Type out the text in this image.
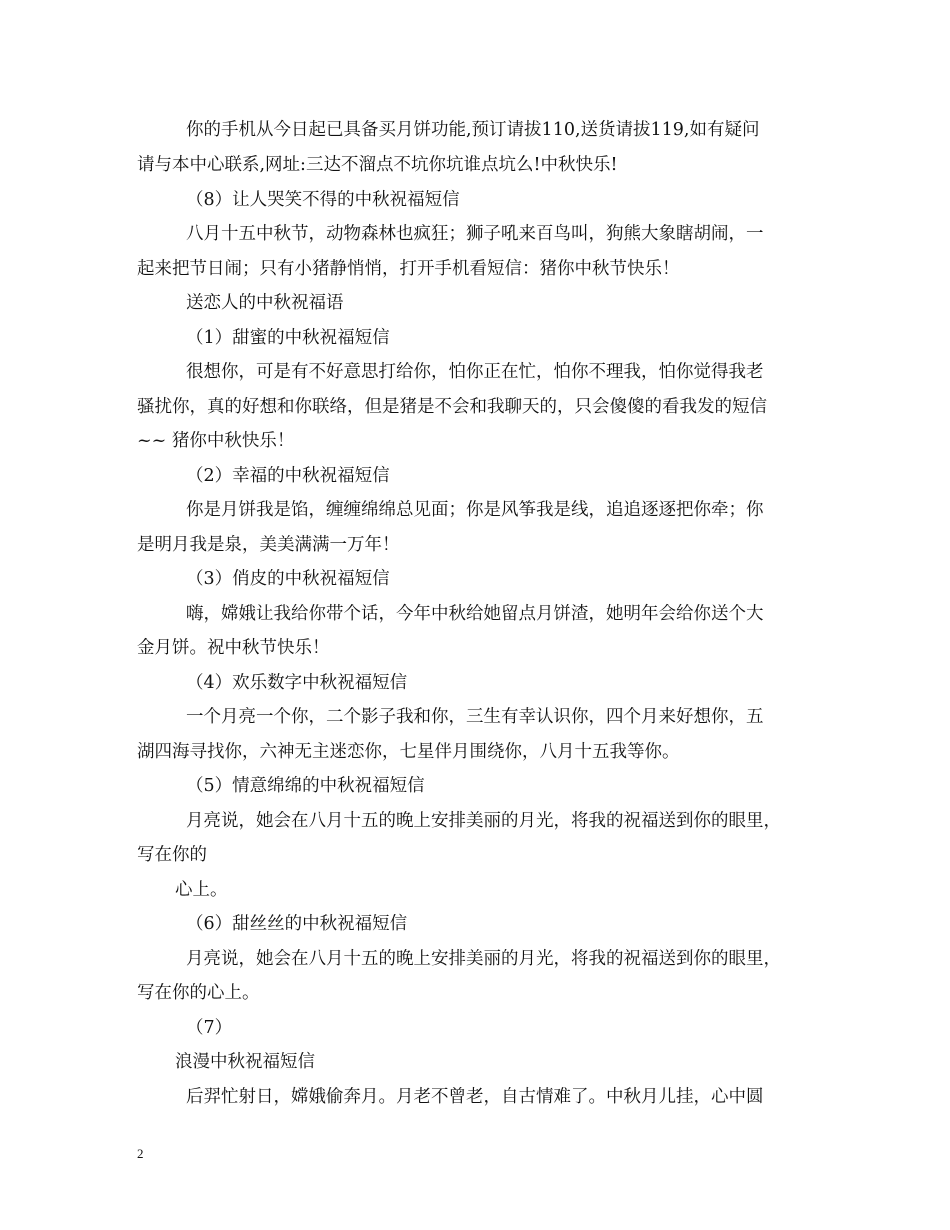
你的手机从今日起已具备买月饼功能,预订请拔110,送货请拔119,如有疑问
请与本中心联系,网址:三达不溜点不坑你坑谁点坑么!中秋快乐!
（8）让人哭笑不得的中秋祝福短信
八月十五中秋节，动物森林也疯狂；狮子吼来百鸟叫，狗熊大象瞎胡闹，一
起来把节日闹；只有小猪静悄悄，打开手机看短信：猪你中秋节快乐！
送恋人的中秋祝福语
（1）甜蜜的中秋祝福短信
很想你，可是有不好意思打给你，怕你正在忙，怕你不理我，怕你觉得我老
骚扰你，真的好想和你联络，但是猪是不会和我聊天的，只会傻傻的看我发的短信
~~ 猪你中秋快乐！
（2）幸福的中秋祝福短信
你是月饼我是馅，缠缠绵绵总见面；你是风筝我是线，追追逐逐把你牵；你
是明月我是泉，美美满满一万年！
（3）俏皮的中秋祝福短信
嗨，嫦娥让我给你带个话，今年中秋给她留点月饼渣，她明年会给你送个大
金月饼。祝中秋节快乐！
（4）欢乐数字中秋祝福短信
一个月亮一个你，二个影子我和你，三生有幸认识你，四个月来好想你，五
湖四海寻找你，六神无主迷恋你，七星伴月围绕你，八月十五我等你。
（5）情意绵绵的中秋祝福短信
月亮说，她会在八月十五的晚上安排美丽的月光，将我的祝福送到你的眼里，
写在你的
心上。
（6）甜丝丝的中秋祝福短信
月亮说，她会在八月十五的晚上安排美丽的月光，将我的祝福送到你的眼里，
写在你的心上。
（7）
浪漫中秋祝福短信
后羿忙射日，嫦娥偷奔月。月老不曾老，自古情难了。中秋月儿挂，心中圆
2
